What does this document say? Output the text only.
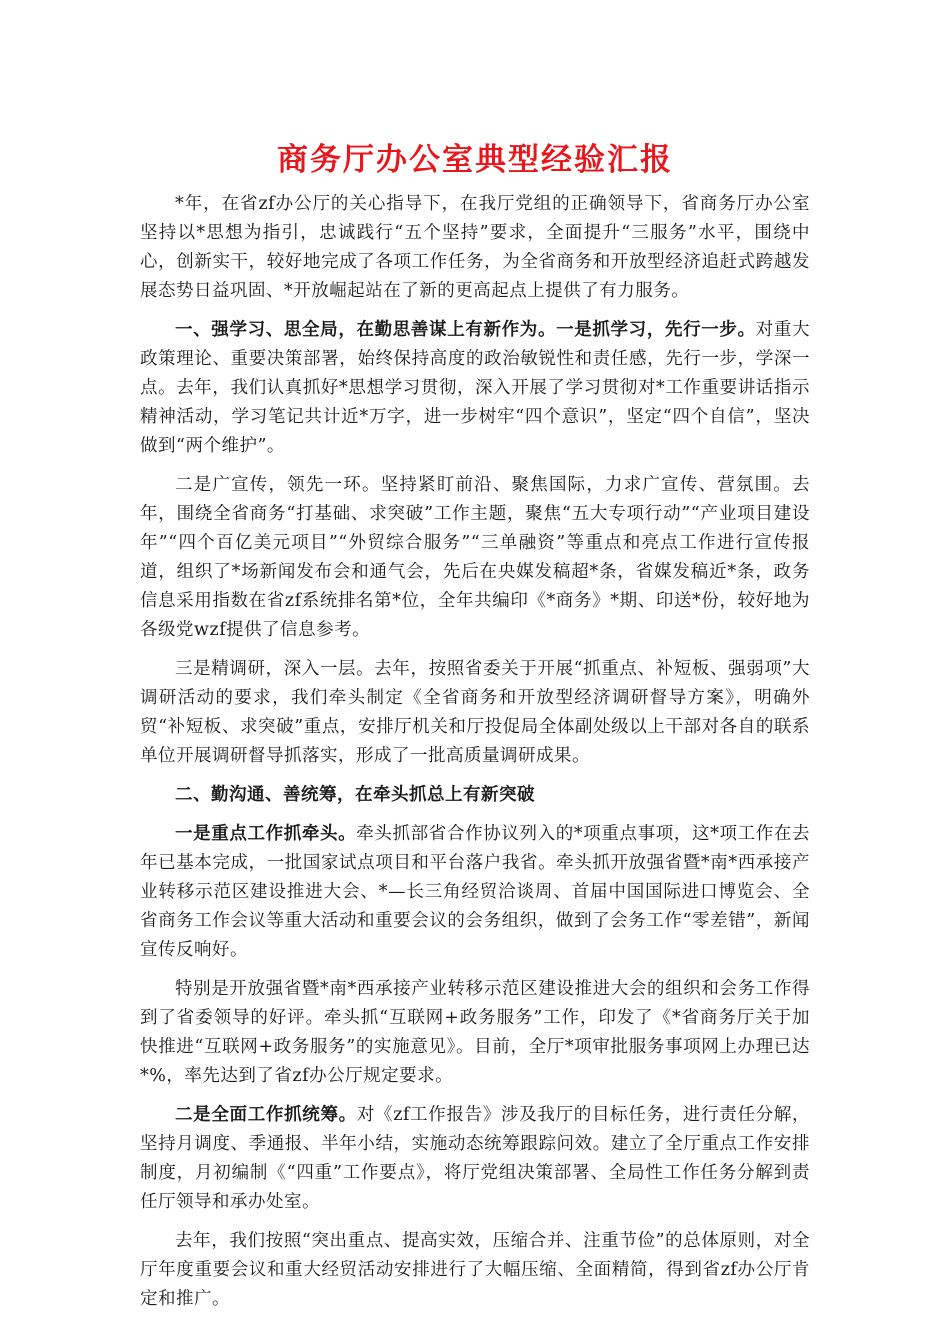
商务厅办公室典型经验汇报

*年，在省zf办公厅的关心指导下，在我厅党组的正确领导下，省商务厅办公室坚持以*思想为指引，忠诚践行“五个坚持”要求，全面提升“三服务”水平，围绕中心，创新实干，较好地完成了各项工作任务，为全省商务和开放型经济追赶式跨越发展态势日益巩固、*开放崛起站在了新的更高起点上提供了有力服务。

一、强学习、思全局，在勤思善谋上有新作为。一是抓学习，先行一步。对重大政策理论、重要决策部署，始终保持高度的政治敏锐性和责任感，先行一步，学深一点。去年，我们认真抓好*思想学习贯彻，深入开展了学习贯彻对*工作重要讲话指示精神活动，学习笔记共计近*万字，进一步树牢“四个意识”，坚定“四个自信”，坚决做到“两个维护”。

二是广宣传，领先一环。坚持紧盯前沿、聚焦国际，力求广宣传、营氛围。去年，围绕全省商务“打基础、求突破”工作主题，聚焦“五大专项行动”“产业项目建设年”“四个百亿美元项目”“外贸综合服务”“三单融资”等重点和亮点工作进行宣传报道，组织了*场新闻发布会和通气会，先后在央媒发稿超*条，省媒发稿近*条，政务信息采用指数在省zf系统排名第*位，全年共编印《*商务》*期、印送*份，较好地为各级党wzf提供了信息参考。

三是精调研，深入一层。去年，按照省委关于开展“抓重点、补短板、强弱项”大调研活动的要求，我们牵头制定《全省商务和开放型经济调研督导方案》，明确外贸“补短板、求突破”重点，安排厅机关和厅投促局全体副处级以上干部对各自的联系单位开展调研督导抓落实，形成了一批高质量调研成果。

二、勤沟通、善统筹，在牵头抓总上有新突破

一是重点工作抓牵头。牵头抓部省合作协议列入的*项重点事项，这*项工作在去年已基本完成，一批国家试点项目和平台落户我省。牵头抓开放强省暨*南*西承接产业转移示范区建设推进大会、*—长三角经贸洽谈周、首届中国国际进口博览会、全省商务工作会议等重大活动和重要会议的会务组织，做到了会务工作“零差错”，新闻宣传反响好。

特别是开放强省暨*南*西承接产业转移示范区建设推进大会的组织和会务工作得到了省委领导的好评。牵头抓“互联网+政务服务”工作，印发了《*省商务厅关于加快推进“互联网+政务服务”的实施意见》。目前，全厅*项审批服务事项网上办理已达*%，率先达到了省zf办公厅规定要求。

二是全面工作抓统筹。对《zf工作报告》涉及我厅的目标任务，进行责任分解，坚持月调度、季通报、半年小结，实施动态统筹跟踪问效。建立了全厅重点工作安排制度，月初编制《“四重”工作要点》，将厅党组决策部署、全局性工作任务分解到责任厅领导和承办处室。

去年，我们按照“突出重点、提高实效，压缩合并、注重节俭”的总体原则，对全厅年度重要会议和重大经贸活动安排进行了大幅压缩、全面精简，得到省zf办公厅肯定和推广。
